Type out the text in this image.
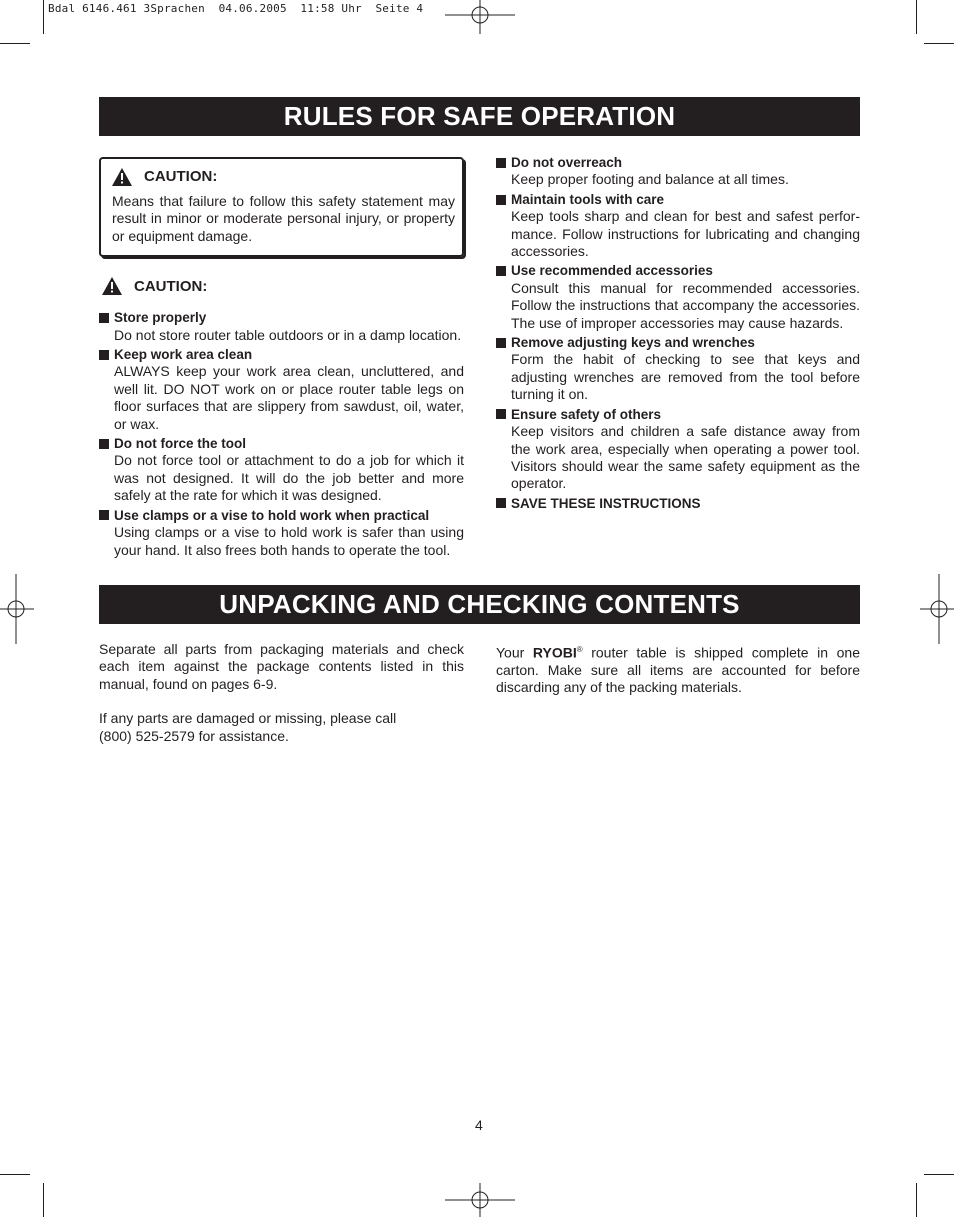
Bdal 6146.461 3Sprachen  04.06.2005  11:58 Uhr  Seite 4
RULES FOR SAFE OPERATION
CAUTION:

Means that failure to follow this safety statement may result in minor or moderate personal injury, or property or equipment damage.

CAUTION:
Store properly

Do not store router table outdoors or in a damp location.

Keep work area clean

ALWAYS keep your work area clean, uncluttered, and well lit. DO NOT work on or place router table legs on floor surfaces that are slippery from sawdust, oil, water, or wax.

Do not force the tool

Do not force tool or attachment to do a job for which it was not designed. It will do the job better and more safely at the rate for which it was designed.

Use clamps or a vise to hold work when practical

Using clamps or a vise to hold work is safer than using your hand. It also frees both hands to operate the tool.

Do not overreach

Keep proper footing and balance at all times.

Maintain tools with care

Keep tools sharp and clean for best and safest perfor-mance. Follow instructions for lubricating and changing accessories.

Use recommended accessories

Consult this manual for recommended accessories. Follow the instructions that accompany the accessories. The use of improper accessories may cause hazards.

Remove adjusting keys and wrenches

Form the habit of checking to see that keys and adjusting wrenches are removed from the tool before turning it on.

Ensure safety of others

Keep visitors and children a safe distance away from the work area, especially when operating a power tool. Visitors should wear the same safety equipment as the operator.

SAVE THESE INSTRUCTIONS
UNPACKING AND CHECKING CONTENTS

Separate all parts from packaging materials and check each item against the package contents listed in this manual, found on pages 6-9.

If any parts are damaged or missing, please call
(800) 525-2579 for assistance.

Your RYOBI® router table is shipped complete in one carton. Make sure all items are accounted for before discarding any of the packing materials.

4
